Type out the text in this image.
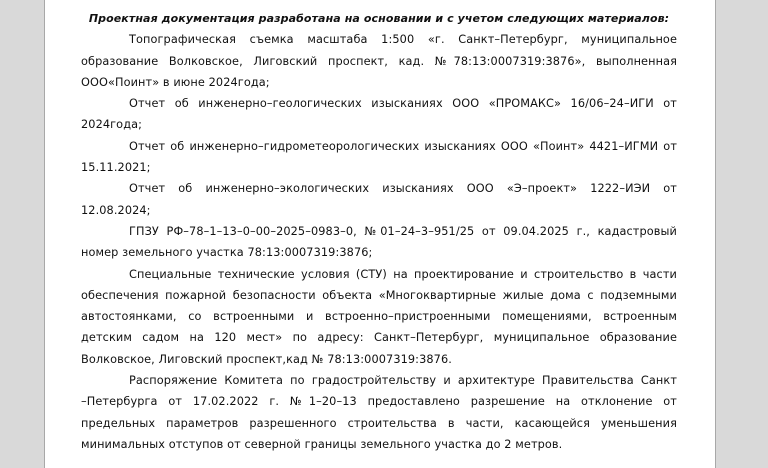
Проектная документация разработана на основании и с учетом следующих материалов:
Топографическая съемка масштаба 1:500 «г. Санкт–Петербург, муниципальное
образование Волковское, Лиговский проспект, кад. №78:13:0007319:3876», выполненная
ООО«Поинт» в июне 2024года;
Отчет об инженерно–геологических изысканиях ООО «ПРОМАКС» 16/06–24–ИГИ от
2024года;
Отчет об инженерно–гидрометеорологических изысканиях ООО «Поинт» 4421–ИГМИ от
15.11.2021;
Отчет об инженерно–экологических изысканиях ООО «Э–проект» 1222–ИЭИ от
12.08.2024;
ГПЗУ РФ–78–1–13–0–00–2025–0983–0, №01–24–3–951/25 от 09.04.2025 г., кадастровый
номер земельного участка 78:13:0007319:3876;
Специальные технические условия (СТУ) на проектирование и строительство в части
обеспечения пожарной безопасности объекта «Многоквартирные жилые дома с подземными
автостоянками, со встроенными и встроенно–пристроенными помещениями, встроенным
детским садом на 120 мест» по адресу: Санкт–Петербург, муниципальное образование
Волковское, Лиговский проспект,кад № 78:13:0007319:3876.
Распоряжение Комитета по градостройтельству и архитектуре Правительства Санкт
–Петербурга от 17.02.2022 г. №1–20–13 предоставлено разрешение на отклонение от
предельных параметров разрешенного строительства в части, касающейся уменьшения
минимальных отступов от северной границы земельного участка до 2 метров.
